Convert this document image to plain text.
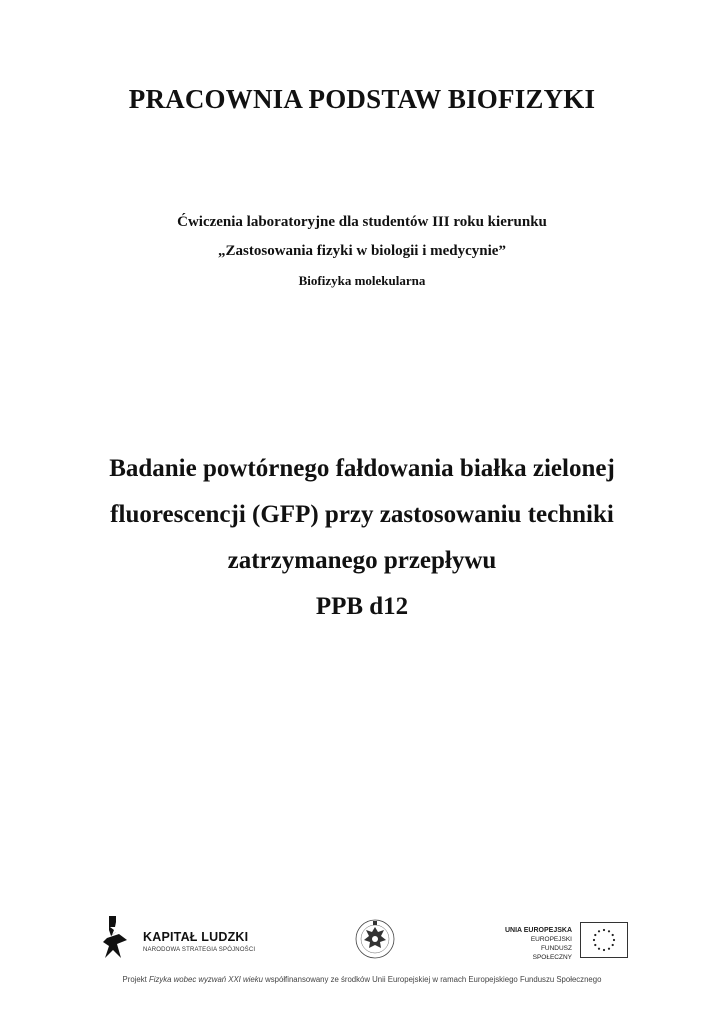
PRACOWNIA PODSTAW BIOFIZYKI
Ćwiczenia laboratoryjne dla studentów III roku kierunku
„Zastosowania fizyki w biologii i medycynie”
Biofizyka molekularna
Badanie powtórnego fałdowania białka zielonej
fluorescencji (GFP) przy zastosowaniu techniki
zatrzymanego przepływu
PPB d12
KAPITAŁ LUDZKI
NARODOWA STRATEGIA SPÓJNOŚCI
UNIA EUROPEJSKA
EUROPEJSKI
FUNDUSZ SPOŁECZNY
Projekt Fizyka wobec wyzwań XXI wieku współfinansowany ze środków Unii Europejskiej w ramach Europejskiego Funduszu Społecznego
